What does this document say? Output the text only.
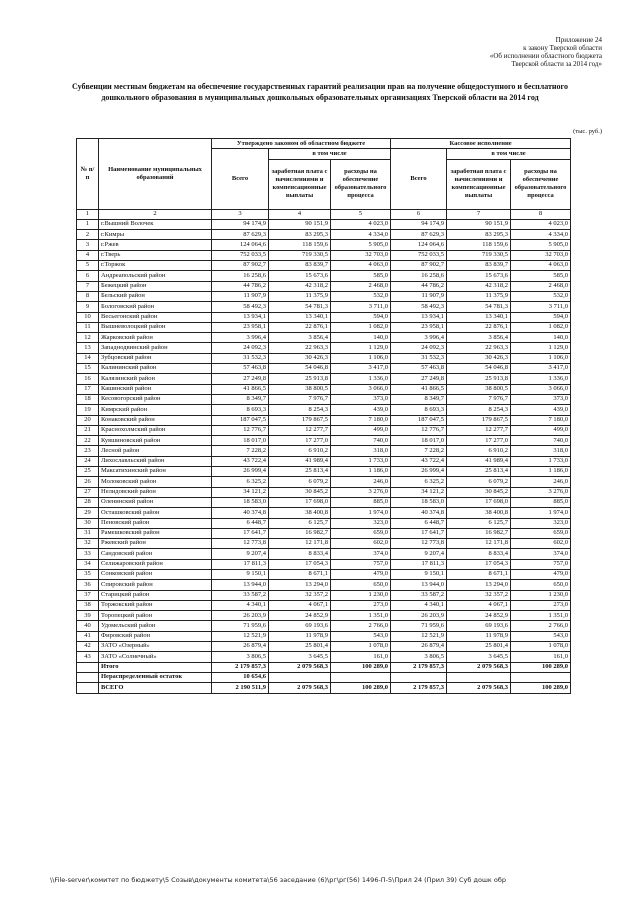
Приложение 24
к закону Тверской области
«Об исполнении областного бюджета
Тверской области за 2014 год»
Субвенции местным бюджетам на обеспечение государственных гарантий реализации прав на получение общедоступного и бесплатного дошкольного образования в муниципальных дошкольных образовательных организациях Тверской области на 2014 год
(тыс. руб.)
№ п/п	Наименование муниципальных образований	Утверждено законом об областном бюджете			Кассовое исполнение		
		Всего	в том числе		Всего	в том числе	
			заработная плата с начислениями и компенсационные выплаты	расходы на обеспечение образовательного процесса		заработная плата с начислениями и компенсационные выплаты	расходы на обеспечение образовательного процесса
1	2	3	4	5	6	7	8
1	г.Вышний Волочек	94 174,9	90 151,9	4 023,0	94 174,9	90 151,9	4 023,0
2	г.Кимры	87 629,3	83 295,3	4 334,0	87 629,3	83 295,3	4 334,0
3	г.Ржев	124 064,6	118 159,6	5 905,0	124 064,6	118 159,6	5 905,0
4	г.Тверь	752 033,5	719 330,5	32 703,0	752 033,5	719 330,5	32 703,0
5	г.Торжок	87 902,7	83 839,7	4 063,0	87 902,7	83 839,7	4 063,0
6	Андреапольский район	16 258,6	15 673,6	585,0	16 258,6	15 673,6	585,0
7	Бежецкий район	44 786,2	42 318,2	2 468,0	44 786,2	42 318,2	2 468,0
8	Бельский район	11 907,9	11 375,9	532,0	11 907,9	11 375,9	532,0
9	Бологовский район	58 492,3	54 781,3	3 711,0	58 492,3	54 781,3	3 711,0
10	Весьегонский район	13 934,1	13 340,1	594,0	13 934,1	13 340,1	594,0
11	Вышневолоцкий район	23 958,1	22 876,1	1 082,0	23 958,1	22 876,1	1 082,0
12	Жарковский район	3 996,4	3 856,4	140,0	3 996,4	3 856,4	140,0
13	Западнодвинский район	24 092,3	22 963,3	1 129,0	24 092,3	22 963,3	1 129,0
14	Зубцовский район	31 532,3	30 426,3	1 106,0	31 532,3	30 426,3	1 106,0
15	Калининский район	57 463,8	54 046,8	3 417,0	57 463,8	54 046,8	3 417,0
16	Калязинский район	27 249,8	25 913,8	1 336,0	27 249,8	25 913,8	1 336,0
17	Кашинский район	41 866,5	38 800,5	3 066,0	41 866,5	38 800,5	3 066,0
18	Кесовогорский район	8 349,7	7 976,7	373,0	8 349,7	7 976,7	373,0
19	Кимрский район	8 693,3	8 254,3	439,0	8 693,3	8 254,3	439,0
20	Конаковский район	187 047,5	179 867,5	7 180,0	187 047,5	179 867,5	7 180,0
21	Краснохолмский район	12 776,7	12 277,7	499,0	12 776,7	12 277,7	499,0
22	Кувшиновский район	18 017,0	17 277,0	740,0	18 017,0	17 277,0	740,0
23	Лесной район	7 228,2	6 910,2	318,0	7 228,2	6 910,2	318,0
24	Лихославльский район	43 722,4	41 989,4	1 733,0	43 722,4	41 989,4	1 733,0
25	Максатихинский район	26 999,4	25 813,4	1 186,0	26 999,4	25 813,4	1 186,0
26	Молоковский район	6 325,2	6 079,2	246,0	6 325,2	6 079,2	246,0
27	Нелидовский район	34 121,2	30 845,2	3 276,0	34 121,2	30 845,2	3 276,0
28	Оленинский район	18 583,0	17 698,0	885,0	18 583,0	17 698,0	885,0
29	Осташковский район	40 374,8	38 400,8	1 974,0	40 374,8	38 400,8	1 974,0
30	Пеновский район	6 448,7	6 125,7	323,0	6 448,7	6 125,7	323,0
31	Рамешковский район	17 641,7	16 982,7	659,0	17 641,7	16 982,7	659,0
32	Ржевский район	12 773,8	12 171,8	602,0	12 773,8	12 171,8	602,0
33	Сандовский район	9 207,4	8 833,4	374,0	9 207,4	8 833,4	374,0
34	Селижаровский район	17 811,3	17 054,3	757,0	17 811,3	17 054,3	757,0
35	Сонковский район	9 150,1	8 671,1	479,0	9 150,1	8 671,1	479,0
36	Спировский район	13 944,0	13 294,0	650,0	13 944,0	13 294,0	650,0
37	Старицкий район	33 587,2	32 357,2	1 230,0	33 587,2	32 357,2	1 230,0
38	Торжокский район	4 340,1	4 067,1	273,0	4 340,1	4 067,1	273,0
39	Торопецкий район	26 203,9	24 852,9	1 351,0	26 203,9	24 852,9	1 351,0
40	Удомельский район	71 959,6	69 193,6	2 766,0	71 959,6	69 193,6	2 766,0
41	Фировский район	12 521,9	11 978,9	543,0	12 521,9	11 978,9	543,0
42	ЗАТО «Озерный»	26 879,4	25 801,4	1 078,0	26 879,4	25 801,4	1 078,0
43	ЗАТО «Солнечный»	3 806,5	3 645,5	161,0	3 806,5	3 645,5	161,0
	Итого	2 179 857,3	2 079 568,3	100 289,0	2 179 857,3	2 079 568,3	100 289,0
	Нераспределенный остаток	10 654,6					
	ВСЕГО	2 190 511,9	2 079 568,3	100 289,0	2 179 857,3	2 079 568,3	100 289,0
\\File-server\комитет по бюджету\5 Созыв\документы комитета\56 заседание (6)\рг\рг(56) 1496-П-5\Прил 24 (Прил 39) Суб дошк обр
